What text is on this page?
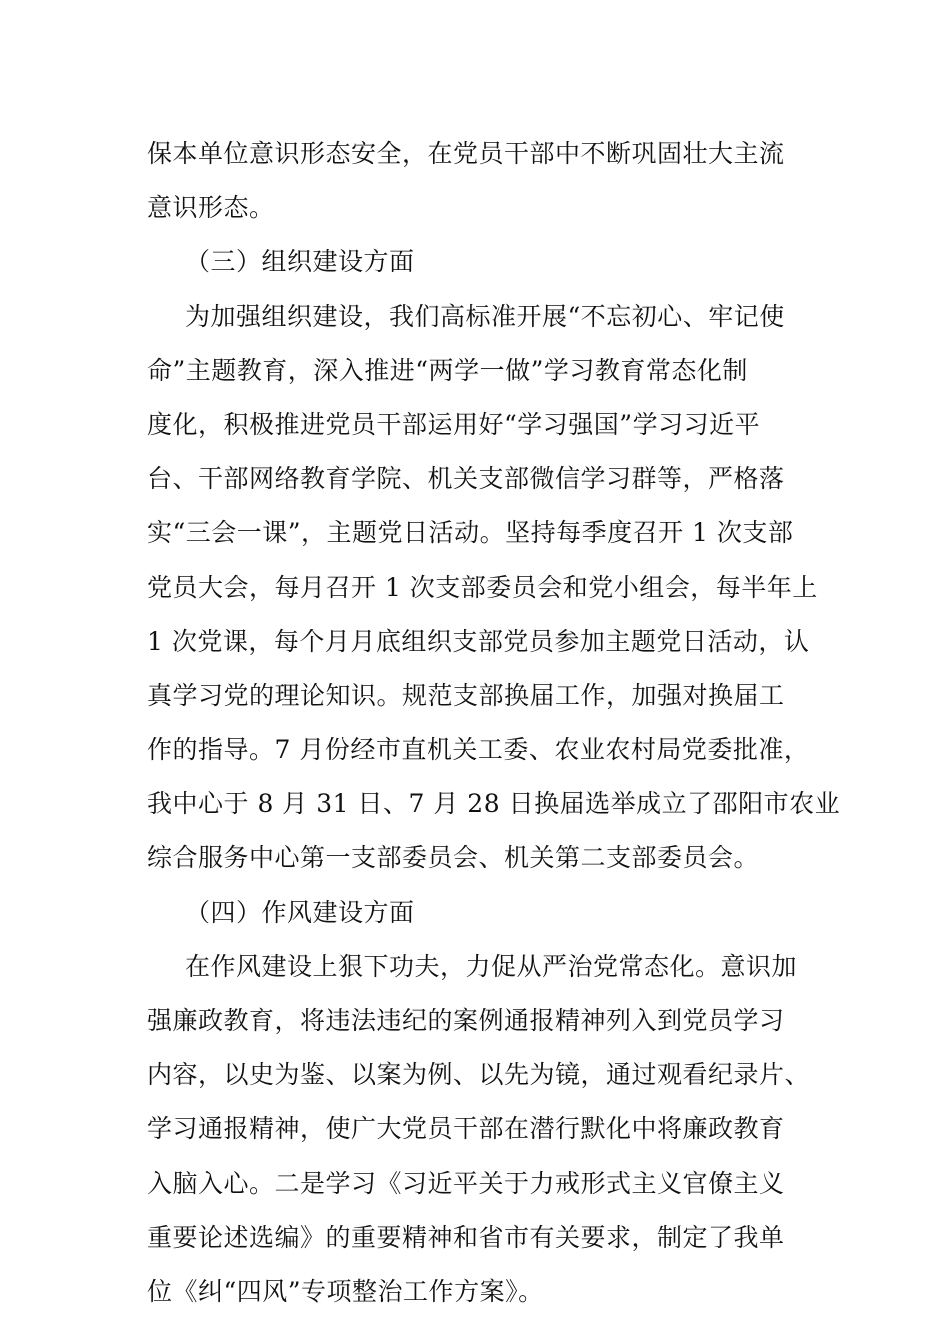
保本单位意识形态安全，在党员干部中不断巩固壮大主流
意识形态。
（三）组织建设方面
为加强组织建设，我们高标准开展“不忘初心、牢记使
命”主题教育，深入推进“两学一做”学习教育常态化制
度化，积极推进党员干部运用好“学习强国”学习习近平
台、干部网络教育学院、机关支部微信学习群等，严格落
实“三会一课”，主题党日活动。坚持每季度召开 1 次支部
党员大会，每月召开 1 次支部委员会和党小组会，每半年上
1 次党课，每个月月底组织支部党员参加主题党日活动，认
真学习党的理论知识。规范支部换届工作，加强对换届工
作的指导。7 月份经市直机关工委、农业农村局党委批准，
我中心于 8 月 31 日、7 月 28 日换届选举成立了邵阳市农业
综合服务中心第一支部委员会、机关第二支部委员会。
（四）作风建设方面
在作风建设上狠下功夫，力促从严治党常态化。意识加
强廉政教育，将违法违纪的案例通报精神列入到党员学习
内容，以史为鉴、以案为例、以先为镜，通过观看纪录片、
学习通报精神，使广大党员干部在潜行默化中将廉政教育
入脑入心。二是学习《习近平关于力戒形式主义官僚主义
重要论述选编》的重要精神和省市有关要求，制定了我单
位《纠“四风”专项整治工作方案》。
